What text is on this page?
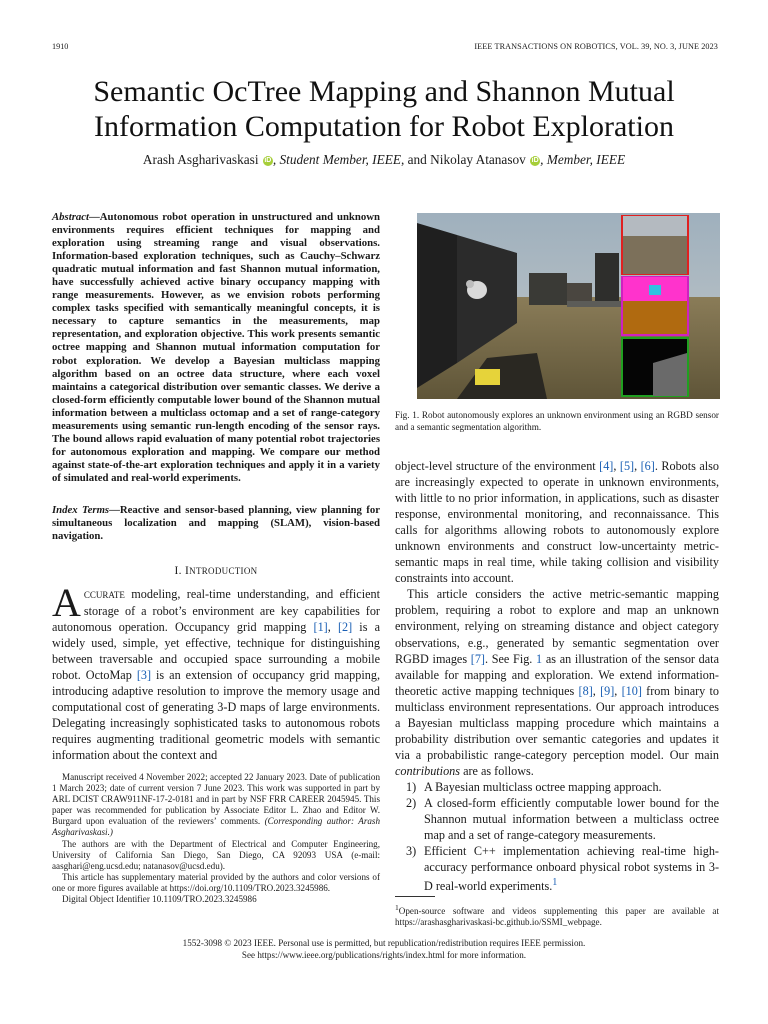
1910	IEEE TRANSACTIONS ON ROBOTICS, VOL. 39, NO. 3, JUNE 2023
Semantic OcTree Mapping and Shannon Mutual
Information Computation for Robot Exploration
Arash Asgharivaskasi iD , Student Member, IEEE, and Nikolay Atanasov iD , Member, IEEE
Abstract—Autonomous robot operation in unstructured and unknown environments requires efficient techniques for mapping and exploration using streaming range and visual observations. Information-based exploration techniques, such as Cauchy–Schwarz quadratic mutual information and fast Shannon mutual information, have successfully achieved active binary occupancy mapping with range measurements. However, as we envision robots performing complex tasks specified with semantically meaningful concepts, it is necessary to capture semantics in the measurements, map representation, and exploration objective. This work presents semantic octree mapping and Shannon mutual information computation for robot exploration. We develop a Bayesian multiclass mapping algorithm based on an octree data structure, where each voxel maintains a categorical distribution over semantic classes. We derive a closed-form efficiently computable lower bound of the Shannon mutual information between a multiclass octomap and a set of range-category measurements using semantic run-length encoding of the sensor rays. The bound allows rapid evaluation of many potential robot trajectories for autonomous exploration and mapping. We compare our method against state-of-the-art exploration techniques and apply it in a variety of simulated and real-world experiments.
Index Terms—Reactive and sensor-based planning, view planning for simultaneous localization and mapping (SLAM), vision-based navigation.
I. INTRODUCTION
ACCURATE modeling, real-time understanding, and efficient storage of a robot’s environment are key capabilities for autonomous operation. Occupancy grid mapping [1], [2] is a widely used, simple, yet effective, technique for distinguishing between traversable and occupied space surrounding a mobile robot. OctoMap [3] is an extension of occupancy grid mapping, introducing adaptive resolution to improve the memory usage and computational cost of generating 3-D maps of large environments. Delegating increasingly sophisticated tasks to autonomous robots requires augmenting traditional geometric models with semantic information about the context and

Manuscript received 4 November 2022; accepted 22 January 2023. Date of publication 1 March 2023; date of current version 7 June 2023. This work was supported in part by ARL DCIST CRAW911NF-17-2-0181 and in part by NSF FRR CAREER 2045945. This paper was recommended for publication by Associate Editor L. Zhao and Editor W. Burgard upon evaluation of the reviewers’ comments. (Corresponding author: Arash Asgharivaskasi.)

The authors are with the Department of Electrical and Computer Engineering, University of California San Diego, San Diego, CA 92093 USA (e-mail: aasghari@eng.ucsd.edu; natanasov@ucsd.edu).

This article has supplementary material provided by the authors and color versions of one or more figures available at https://doi.org/10.1109/TRO.2023.3245986.

Digital Object Identifier 10.1109/TRO.2023.3245986

Fig. 1. Robot autonomously explores an unknown environment using an RGBD sensor and a semantic segmentation algorithm.

object-level structure of the environment [4], [5], [6]. Robots also are increasingly expected to operate in unknown environments, with little to no prior information, in applications, such as disaster response, environmental monitoring, and reconnaissance. This calls for algorithms allowing robots to autonomously explore unknown environments and construct low-uncertainty metric-semantic maps in real time, while taking collision and visibility constraints into account.

This article considers the active metric-semantic mapping problem, requiring a robot to explore and map an unknown environment, relying on streaming distance and object category observations, e.g., generated by semantic segmentation over RGBD images [7]. See Fig. 1 as an illustration of the sensor data available for mapping and exploration. We extend information-theoretic active mapping techniques [8], [9], [10] from binary to multiclass environment representations. Our approach introduces a Bayesian multiclass mapping procedure which maintains a probability distribution over semantic categories and updates it via a probabilistic range-category perception model. Our main contributions are as follows.

1) A Bayesian multiclass octree mapping approach.
2) A closed-form efficiently computable lower bound for the Shannon mutual information between a multiclass octree map and a set of range-category measurements.
3) Efficient C++ implementation achieving real-time high-accuracy performance onboard physical robot systems in 3-D real-world experiments.$^1$
$^1$Open-source software and videos supplementing this paper are available at https://arashasgharivaskasi-bc.github.io/SSMI_webpage.
1552-3098 © 2023 IEEE. Personal use is permitted, but republication/redistribution requires IEEE permission.
See https://www.ieee.org/publications/rights/index.html for more information.
